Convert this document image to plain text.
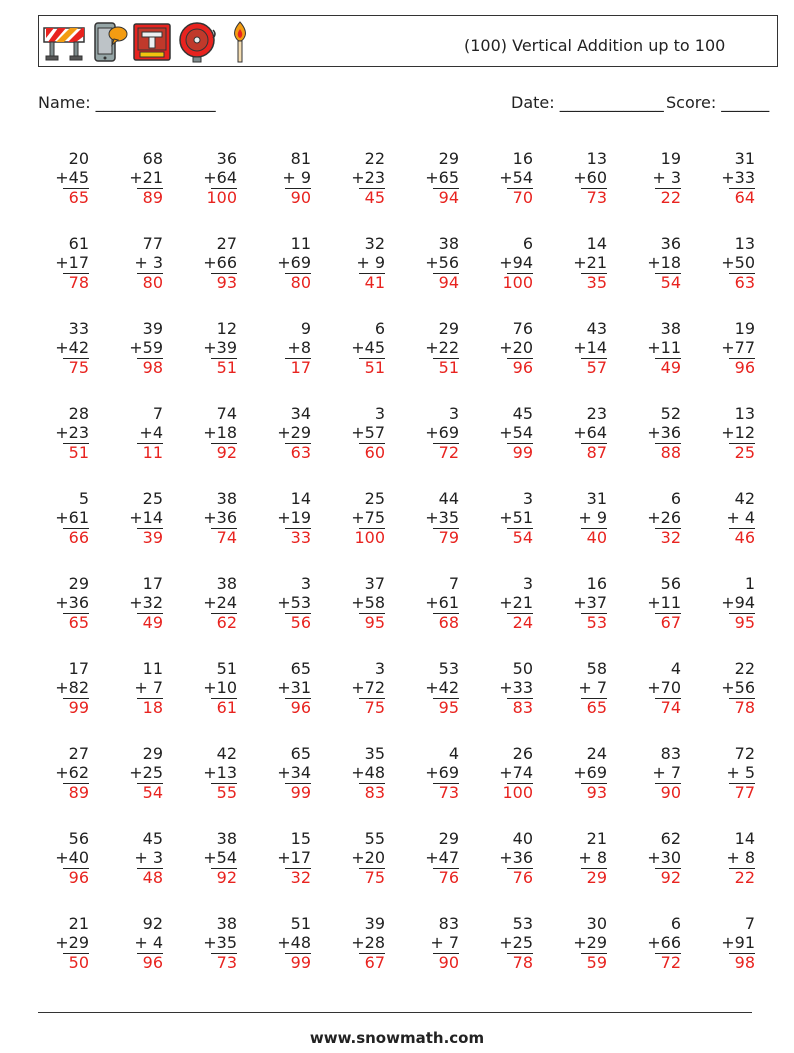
(100) Vertical Addition up to 100
Name: _______________	Date: _____________ Score: ______
20
+45
65
68
+21
89
36
+64
100
81
+ 9
90
22
+23
45
29
+65
94
16
+54
70
13
+60
73
19
+ 3
22
31
+33
64
61
+17
78
77
+ 3
80
27
+66
93
11
+69
80
32
+ 9
41
38
+56
94
6
+94
100
14
+21
35
36
+18
54
13
+50
63
33
+42
75
39
+59
98
12
+39
51
9
+8
17
6
+45
51
29
+22
51
76
+20
96
43
+14
57
38
+11
49
19
+77
96
28
+23
51
7
+4
11
74
+18
92
34
+29
63
3
+57
60
3
+69
72
45
+54
99
23
+64
87
52
+36
88
13
+12
25
5
+61
66
25
+14
39
38
+36
74
14
+19
33
25
+75
100
44
+35
79
3
+51
54
31
+ 9
40
6
+26
32
42
+ 4
46
29
+36
65
17
+32
49
38
+24
62
3
+53
56
37
+58
95
7
+61
68
3
+21
24
16
+37
53
56
+11
67
1
+94
95
17
+82
99
11
+ 7
18
51
+10
61
65
+31
96
3
+72
75
53
+42
95
50
+33
83
58
+ 7
65
4
+70
74
22
+56
78
27
+62
89
29
+25
54
42
+13
55
65
+34
99
35
+48
83
4
+69
73
26
+74
100
24
+69
93
83
+ 7
90
72
+ 5
77
56
+40
96
45
+ 3
48
38
+54
92
15
+17
32
55
+20
75
29
+47
76
40
+36
76
21
+ 8
29
62
+30
92
14
+ 8
22
21
+29
50
92
+ 4
96
38
+35
73
51
+48
99
39
+28
67
83
+ 7
90
53
+25
78
30
+29
59
6
+66
72
7
+91
98
www.snowmath.com
